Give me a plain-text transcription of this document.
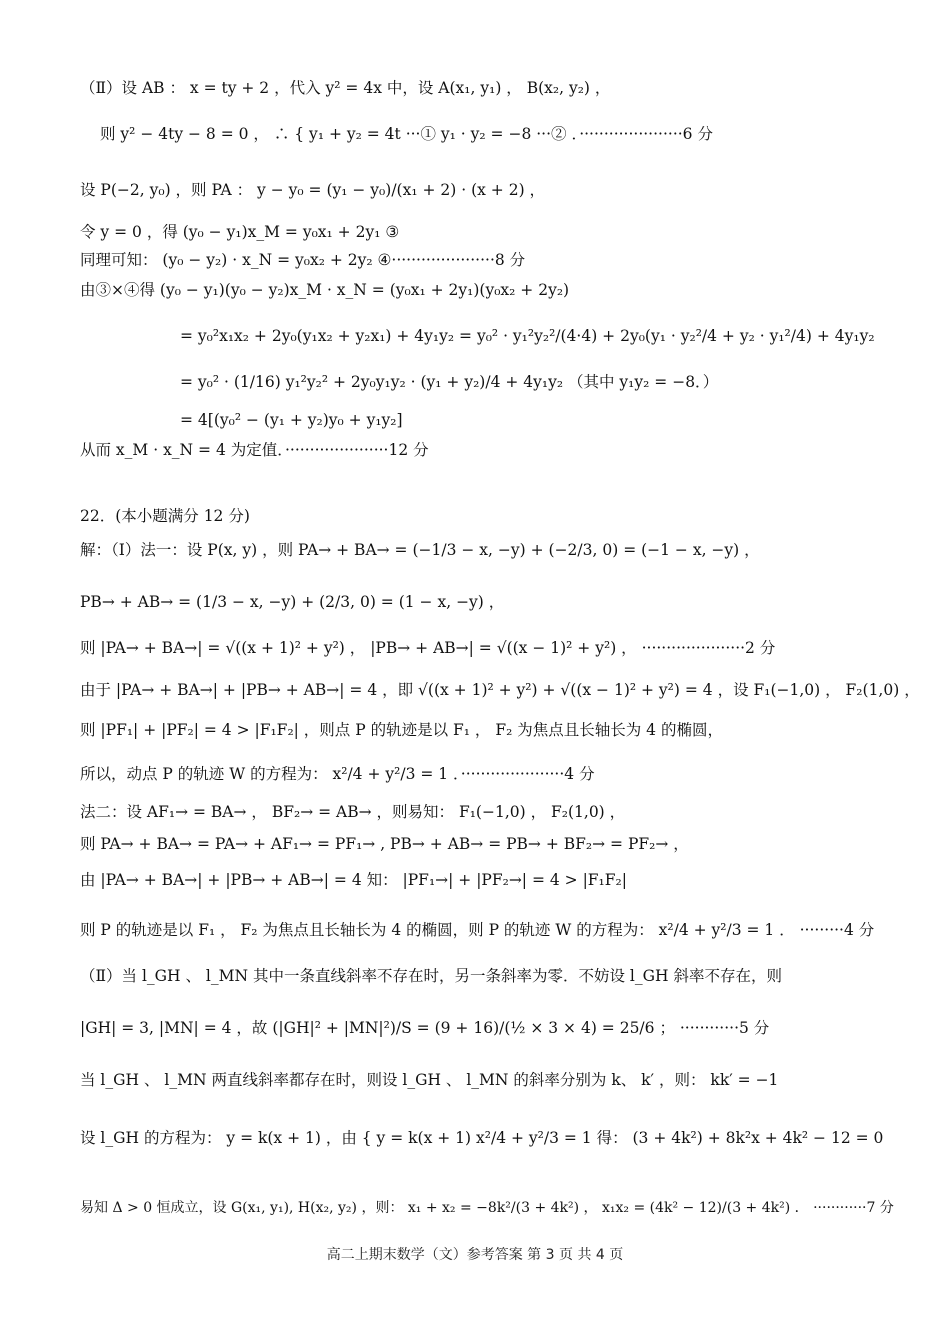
（Ⅱ）设 AB ： x = ty + 2 ，代入 y² = 4x 中，设 A(x₁, y₁) ， B(x₂, y₂) ，
则 y² − 4ty − 8 = 0 ， ∴ { y₁ + y₂ = 4t ···① y₁ · y₂ = −8 ···② ．·····················6 分
设 P(−2, y₀) ，则 PA ： y − y₀ = (y₁ − y₀)/(x₁ + 2) · (x + 2) ，
令 y = 0 ，得 (y₀ − y₁)x_M = y₀x₁ + 2y₁ ③
同理可知： (y₀ − y₂) · x_N = y₀x₂ + 2y₂ ④·····················8 分
由③×④得 (y₀ − y₁)(y₀ − y₂)x_M · x_N = (y₀x₁ + 2y₁)(y₀x₂ + 2y₂)
= y₀²x₁x₂ + 2y₀(y₁x₂ + y₂x₁) + 4y₁y₂ = y₀² · y₁²y₂²/(4·4) + 2y₀(y₁ · y₂²/4 + y₂ · y₁²/4) + 4y₁y₂
= y₀² · (1/16) y₁²y₂² + 2y₀y₁y₂ · (y₁ + y₂)/4 + 4y₁y₂ （其中 y₁y₂ = −8．）
= 4[(y₀² − (y₁ + y₂)y₀ + y₁y₂]
从而 x_M · x_N = 4 为定值．·····················12 分
22．(本小题满分 12 分)
解：（Ⅰ）法一：设 P(x, y) ，则 PA→ + BA→ = (−1/3 − x, −y) + (−2/3, 0) = (−1 − x, −y) ，
PB→ + AB→ = (1/3 − x, −y) + (2/3, 0) = (1 − x, −y) ，
则 |PA→ + BA→| = √((x + 1)² + y²) ， |PB→ + AB→| = √((x − 1)² + y²) ， ·····················2 分
由于 |PA→ + BA→| + |PB→ + AB→| = 4 ，即 √((x + 1)² + y²) + √((x − 1)² + y²) = 4 ，设 F₁(−1,0) ， F₂(1,0) ，
则 |PF₁| + |PF₂| = 4 > |F₁F₂| ，则点 P 的轨迹是以 F₁ ， F₂ 为焦点且长轴长为 4 的椭圆，
所以，动点 P 的轨迹 W 的方程为： x²/4 + y²/3 = 1 ．·····················4 分
法二：设 AF₁→ = BA→ ， BF₂→ = AB→ ，则易知： F₁(−1,0) ， F₂(1,0) ，
则 PA→ + BA→ = PA→ + AF₁→ = PF₁→ , PB→ + AB→ = PB→ + BF₂→ = PF₂→ ，
由 |PA→ + BA→| + |PB→ + AB→| = 4 知： |PF₁→| + |PF₂→| = 4 > |F₁F₂|
则 P 的轨迹是以 F₁ ， F₂ 为焦点且长轴长为 4 的椭圆，则 P 的轨迹 W 的方程为： x²/4 + y²/3 = 1 ． ·········4 分
（Ⅱ）当 l_GH 、 l_MN 其中一条直线斜率不存在时，另一条斜率为零．不妨设 l_GH 斜率不存在，则
|GH| = 3, |MN| = 4 ，故 (|GH|² + |MN|²)/S = (9 + 16)/(½ × 3 × 4) = 25/6 ； ············5 分
当 l_GH 、 l_MN 两直线斜率都存在时，则设 l_GH 、 l_MN 的斜率分别为 k、 k′ ，则： kk′ = −1
设 l_GH 的方程为： y = k(x + 1) ，由 { y = k(x + 1) x²/4 + y²/3 = 1 得： (3 + 4k²) + 8k²x + 4k² − 12 = 0
易知 Δ > 0 恒成立，设 G(x₁, y₁), H(x₂, y₂) ，则： x₁ + x₂ = −8k²/(3 + 4k²) ， x₁x₂ = (4k² − 12)/(3 + 4k²) ． ············7 分
高二上期末数学（文）参考答案 第 3 页 共 4 页
